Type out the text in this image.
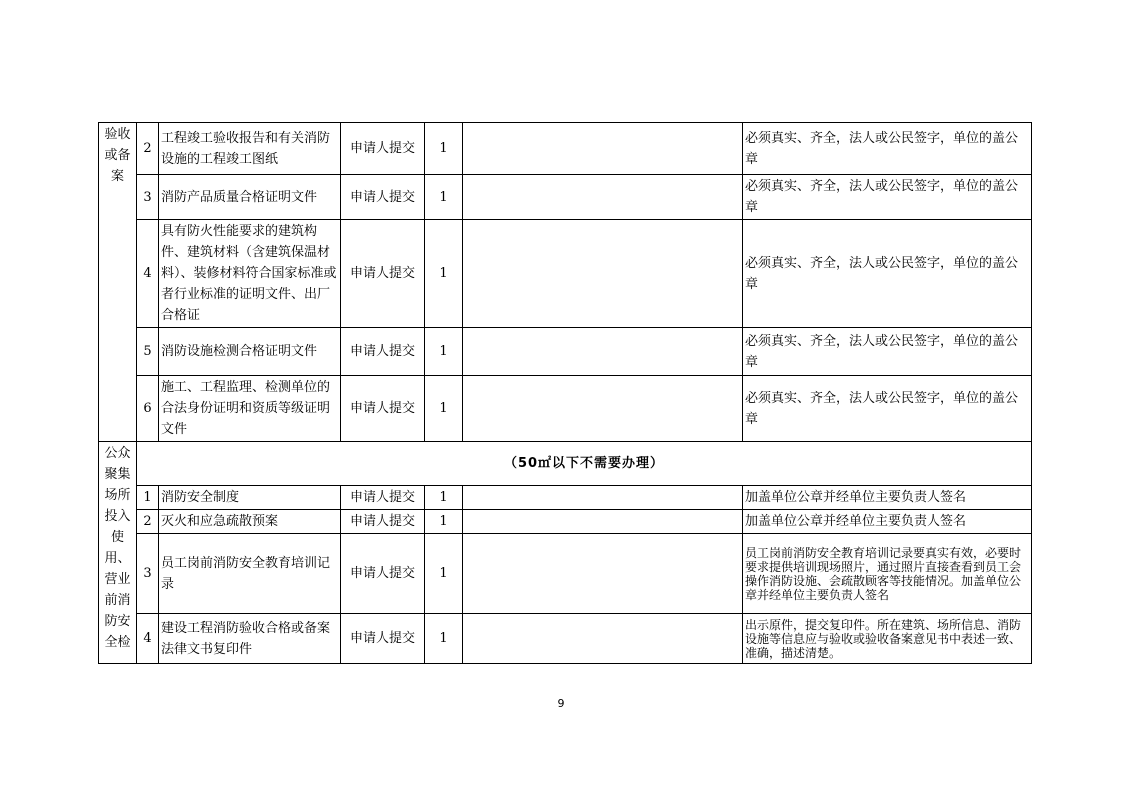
验收或备案	2	工程竣工验收报告和有关消防设施的工程竣工图纸	申请人提交	1		必须真实、齐全，法人或公民签字，单位的盖公章
	3	消防产品质量合格证明文件	申请人提交	1		必须真实、齐全，法人或公民签字，单位的盖公章
	4	具有防火性能要求的建筑构件、建筑材料（含建筑保温材料）、装修材料符合国家标准或者行业标准的证明文件、出厂合格证	申请人提交	1		必须真实、齐全，法人或公民签字，单位的盖公章
	5	消防设施检测合格证明文件	申请人提交	1		必须真实、齐全，法人或公民签字，单位的盖公章
	6	施工、工程监理、检测单位的合法身份证明和资质等级证明文件	申请人提交	1		必须真实、齐全，法人或公民签字，单位的盖公章

公众聚集场所投入使用、营业前消防安全检	（50㎡以下不需要办理）					
	1	消防安全制度	申请人提交	1		加盖单位公章并经单位主要负责人签名
	2	灭火和应急疏散预案	申请人提交	1		加盖单位公章并经单位主要负责人签名
	3	员工岗前消防安全教育培训记录	申请人提交	1		员工岗前消防安全教育培训记录要真实有效，必要时要求提供培训现场照片，通过照片直接查看到员工会操作消防设施、会疏散顾客等技能情况。加盖单位公章并经单位主要负责人签名
	4	建设工程消防验收合格或备案法律文书复印件	申请人提交	1		出示原件，提交复印件。所在建筑、场所信息、消防设施等信息应与验收或验收备案意见书中表述一致、准确，描述清楚。
9
